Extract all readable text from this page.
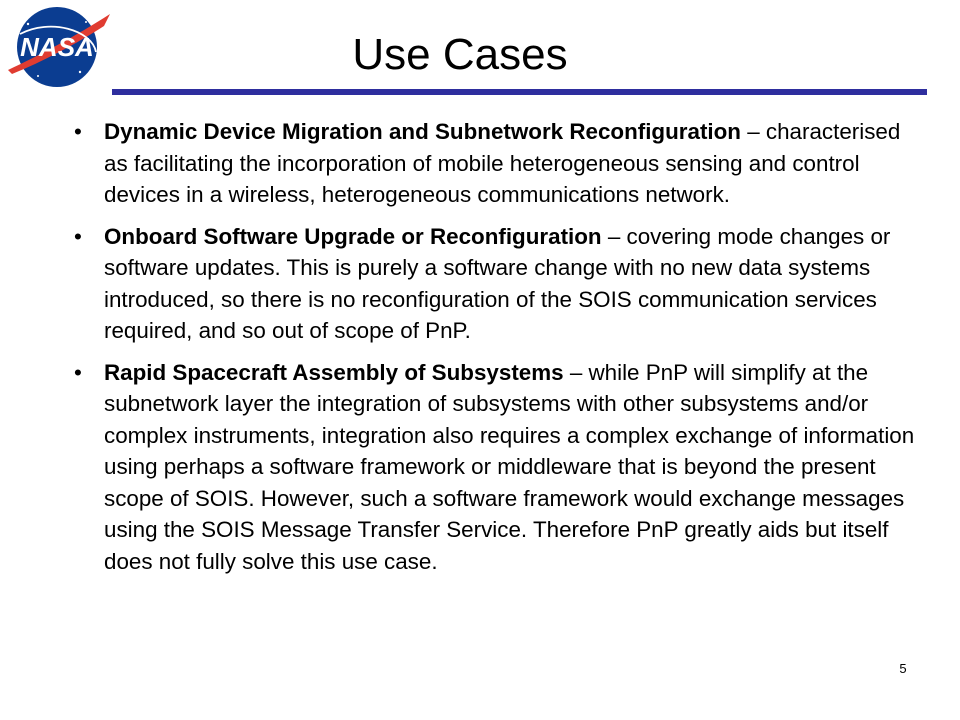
NASA	Use Cases
• Dynamic Device Migration and Subnetwork Reconfiguration – characterised as facilitating the incorporation of mobile heterogeneous sensing and control devices in a wireless, heterogeneous communications network.
• Onboard Software Upgrade or Reconfiguration – covering mode changes or software updates. This is purely a software change with no new data systems introduced, so there is no reconfiguration of the SOIS communication services required, and so out of scope of PnP.
• Rapid Spacecraft Assembly of Subsystems – while PnP will simplify at the subnetwork layer the integration of subsystems with other subsystems and/or complex instruments, integration also requires a complex exchange of information using perhaps a software framework or middleware that is beyond the present scope of SOIS. However, such a software framework would exchange messages using the SOIS Message Transfer Service. Therefore PnP greatly aids but itself does not fully solve this use case.
5
